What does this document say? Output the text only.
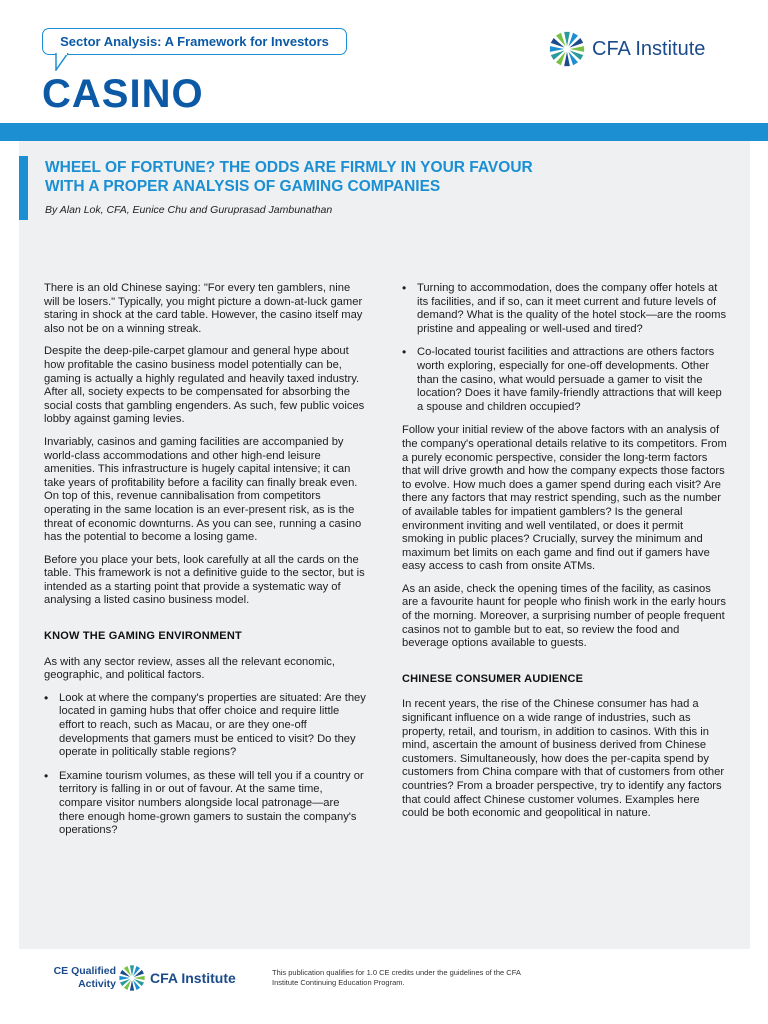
Sector Analysis: A Framework for Investors
CASINO
CFA Institute
WHEEL OF FORTUNE? THE ODDS ARE FIRMLY IN YOUR FAVOUR
WITH A PROPER ANALYSIS OF GAMING COMPANIES
By Alan Lok, CFA, Eunice Chu and Guruprasad Jambunathan

There is an old Chinese saying: "For every ten gamblers, nine will be losers." Typically, you might picture a down-at-luck gamer staring in shock at the card table. However, the casino itself may also not be on a winning streak.

Despite the deep-pile-carpet glamour and general hype about how profitable the casino business model potentially can be, gaming is actually a highly regulated and heavily taxed industry. After all, society expects to be compensated for absorbing the social costs that gambling engenders. As such, few public voices lobby against gaming levies.

Invariably, casinos and gaming facilities are accompanied by world-class accommodations and other high-end leisure amenities. This infrastructure is hugely capital intensive; it can take years of profitability before a facility can finally break even. On top of this, revenue cannibalisation from competitors operating in the same location is an ever-present risk, as is the threat of economic downturns. As you can see, running a casino has the potential to become a losing game.

Before you place your bets, look carefully at all the cards on the table. This framework is not a definitive guide to the sector, but is intended as a starting point that provide a systematic way of analysing a listed casino business model.

KNOW THE GAMING ENVIRONMENT

As with any sector review, asses all the relevant economic, geographic, and political factors.

• Look at where the company's properties are situated: Are they located in gaming hubs that offer choice and require little effort to reach, such as Macau, or are they one-off developments that gamers must be enticed to visit? Do they operate in politically stable regions?
• Examine tourism volumes, as these will tell you if a country or territory is falling in or out of favour. At the same time, compare visitor numbers alongside local patronage—are there enough home-grown gamers to sustain the company's operations?
• Turning to accommodation, does the company offer hotels at its facilities, and if so, can it meet current and future levels of demand? What is the quality of the hotel stock—are the rooms pristine and appealing or well-used and tired?
• Co-located tourist facilities and attractions are others factors worth exploring, especially for one-off developments. Other than the casino, what would persuade a gamer to visit the location? Does it have family-friendly attractions that will keep a spouse and children occupied?

Follow your initial review of the above factors with an analysis of the company's operational details relative to its competitors. From a purely economic perspective, consider the long-term factors that will drive growth and how the company expects those factors to evolve. How much does a gamer spend during each visit? Are there any factors that may restrict spending, such as the number of available tables for impatient gamblers? Is the general environment inviting and well ventilated, or does it permit smoking in public places? Crucially, survey the minimum and maximum bet limits on each game and find out if gamers have easy access to cash from onsite ATMs.

As an aside, check the opening times of the facility, as casinos are a favourite haunt for people who finish work in the early hours of the morning. Moreover, a surprising number of people frequent casinos not to gamble but to eat, so review the food and beverage options available to guests.

CHINESE CONSUMER AUDIENCE

In recent years, the rise of the Chinese consumer has had a significant influence on a wide range of industries, such as property, retail, and tourism, in addition to casinos. With this in mind, ascertain the amount of business derived from Chinese customers. Simultaneously, how does the per-capita spend by customers from China compare with that of customers from other countries? From a broader perspective, try to identify any factors that could affect Chinese customer volumes. Examples here could be both economic and geopolitical in nature.

CE Qualified
Activity CFA Institute	This publication qualifies for 1.0 CE credits under the guidelines of the CFA Institute Continuing Education Program.
